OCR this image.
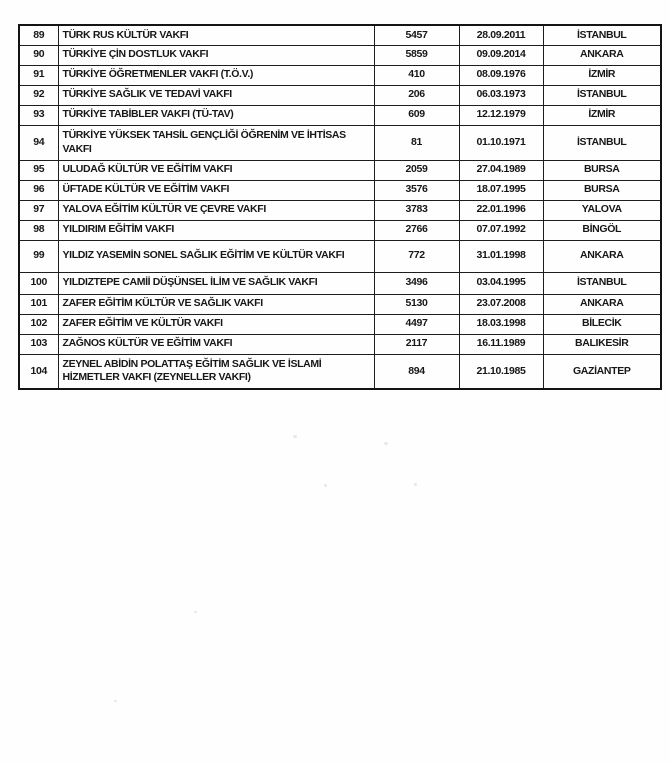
89	TÜRK RUS KÜLTÜR VAKFI	5457	28.09.2011	İSTANBUL
90	TÜRKİYE ÇİN DOSTLUK VAKFI	5859	09.09.2014	ANKARA
91	TÜRKİYE ÖĞRETMENLER VAKFI (T.Ö.V.)	410	08.09.1976	İZMİR
92	TÜRKİYE SAĞLIK VE TEDAVİ VAKFI	206	06.03.1973	İSTANBUL
93	TÜRKİYE TABİBLER VAKFI (TÜ-TAV)	609	12.12.1979	İZMİR
94	TÜRKİYE YÜKSEK TAHSİL GENÇLİĞİ ÖĞRENİM VE İHTİSAS VAKFI	81	01.10.1971	İSTANBUL
95	ULUDAĞ KÜLTÜR VE EĞİTİM VAKFI	2059	27.04.1989	BURSA
96	ÜFTADE KÜLTÜR VE EĞİTİM VAKFI	3576	18.07.1995	BURSA
97	YALOVA EĞİTİM KÜLTÜR VE ÇEVRE VAKFI	3783	22.01.1996	YALOVA
98	YILDIRIM EĞİTİM VAKFI	2766	07.07.1992	BİNGÖL
99	YILDIZ YASEMİN SONEL SAĞLIK EĞİTİM VE KÜLTÜR VAKFI	772	31.01.1998	ANKARA
100	YILDIZTEPE CAMİİ DÜŞÜNSEL İLİM VE SAĞLIK VAKFI	3496	03.04.1995	İSTANBUL
101	ZAFER EĞİTİM KÜLTÜR VE SAĞLIK VAKFI	5130	23.07.2008	ANKARA
102	ZAFER EĞİTİM VE KÜLTÜR VAKFI	4497	18.03.1998	BİLECİK
103	ZAĞNOS KÜLTÜR VE EĞİTİM VAKFI	2117	16.11.1989	BALIKESİR
104	ZEYNEL ABİDİN POLATTAŞ EĞİTİM SAĞLIK VE İSLAMİ HİZMETLER VAKFI (ZEYNELLER VAKFI)	894	21.10.1985	GAZİANTEP
